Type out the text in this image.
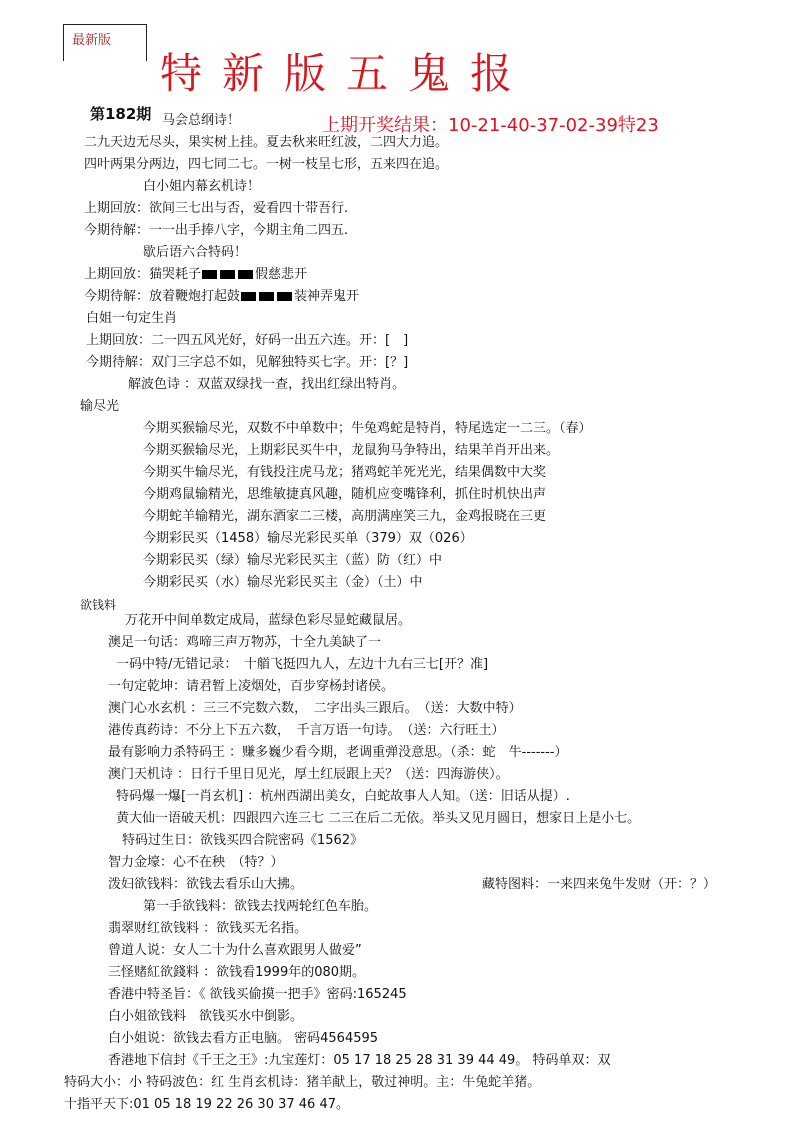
最新版
特新版五鬼报
第182期
上期开奖结果：10-21-40-37-02-39特23
马会总纲诗！
二九天边无尽头，果实树上挂。夏去秋来旺红波，二四大力追。
四叶两果分两边，四七同二七。一树一枝呈七形，五来四在追。
白小姐内幕玄机诗！
上期回放：欲间三七出与否，爱看四十带吾行.
今期待解：一一出手捧八字，今期主角二四五.
歇后语六合特码！
上期回放：猫哭耗子	假慈悲开
今期待解：放着鞭炮打起鼓	装神弄鬼开
白姐一句定生肖
上期回放：二一四五风光好，好码一出五六连。开：[　]
今期待解：双门三字总不如，见解独特买七字。开：[？]
解波色诗 ：双蓝双绿找一查，找出红绿出特肖。
输尽光
今期买猴输尽光，双数不中单数中；牛兔鸡蛇是特肖，特尾选定一二三。（春）
今期买猴输尽光，上期彩民买牛中，龙鼠狗马争特出，结果羊肖开出来。
今期买牛输尽光，有钱投注虎马龙；猪鸡蛇羊死光光，结果偶数中大奖
今期鸡鼠输精光，思维敏捷真风趣，随机应变嘴锋利，抓住时机快出声
今期蛇羊输精光，湖东酒家二三楼，高朋满座笑三九，金鸡报晓在三更
今期彩民买（1458）输尽光彩民买单（379）双（026）
今期彩民买（绿）输尽光彩民买主（蓝）防（红）中
今期彩民买（水）输尽光彩民买主（金）（土）中
欲钱料
万花开中间单数定成局，蓝绿色彩尽显蛇藏鼠居。
澳足一句话：鸡啼三声万物苏，十全九美缺了一
一码中特/无错记录：　十艏飞挺四九人，左边十九右三七[开？准]
一句定乾坤：请君暂上凌烟处，百步穿杨封诸侯。
澳门心水玄机 ：三三不完数六数，　二字出头三跟后。　（送：大数中特）
港传真药诗：不分上下五六数，　千言万语一句诗。　（送：六行旺土）
最有影响力杀特码王 ：赚多巍少看今期，老调重弹没意思。（杀：蛇　牛-------）
澳门天机诗 ：日行千里日见光，厚土红辰跟上天？（送：四海游侠）。
特码爆一爆[一肖玄机] ：杭州西湖出美女，白蛇故事人人知。（送：旧话从提）.
黄大仙一语破天机：四跟四六连三七 二三在后二无依。举头又见月圆日，想家日上是小七。
特码过生日：欲钱买四合院密码《1562》
智力金壕：心不在秧　（特？）
泼妇欲钱料：欲钱去看乐山大拂。	藏特图料：一来四来兔牛发财（开：？）
第一手欲钱料：欲钱去找两轮红色车胎。
翡翠财红欲钱料 ：欲钱买无名指。
曾道人说：女人二十为什么喜欢跟男人做爱”
三怪赌紅欲錢料 ：欲钱看1999年的080期。
香港中特圣旨：《 欲钱买偷摸一把手》密码:165245
白小姐欲钱料　欲钱买水中倒影。
白小姐说：欲钱去看方正电脑。 密码4564595
香港地下信封《千王之王》:九宝莲灯：05 17 18 25 28 31 39 44 49。 特码单双：双
特码大小：小 特码波色：红 生肖玄机诗：猪羊献上，敬过神明。主：牛兔蛇羊猪。
十指平天下:01 05 18 19 22 26 30 37 46 47。
